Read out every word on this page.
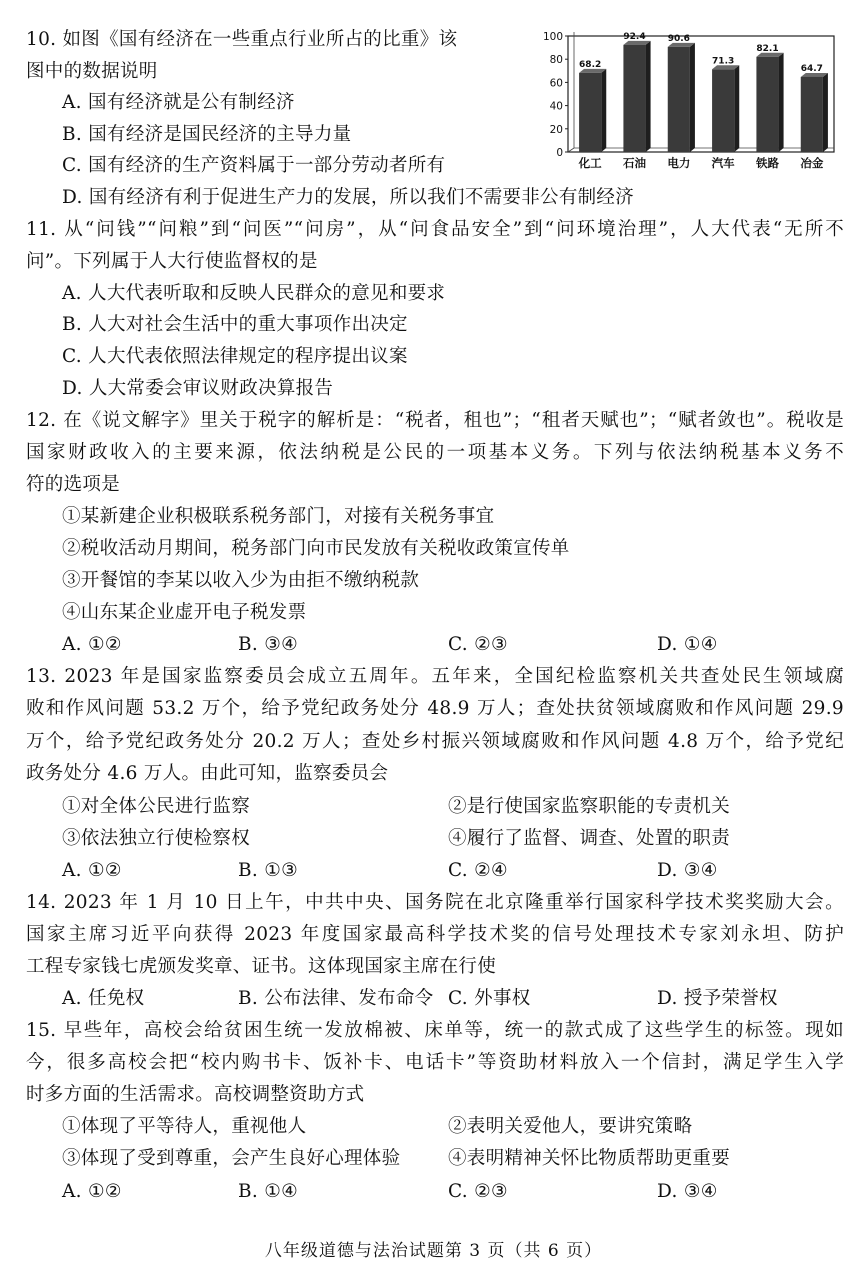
10. 如图《国有经济在一些重点行业所占的比重》该
图中的数据说明
A. 国有经济就是公有制经济
B. 国有经济是国民经济的主导力量
C. 国有经济的生产资料属于一部分劳动者所有
D. 国有经济有利于促进生产力的发展，所以我们不需要非公有制经济
0
20
40
60
80
100
68.2
化工
92.4
石油
90.6
电力
71.3
汽车
82.1
铁路
64.7
冶金
11. 从“问钱”“问粮”到“问医”“问房”，从“问食品安全”到“问环境治理”，人大代表“无所不
问”。下列属于人大行使监督权的是
A. 人大代表听取和反映人民群众的意见和要求
B. 人大对社会生活中的重大事项作出决定
C. 人大代表依照法律规定的程序提出议案
D. 人大常委会审议财政决算报告
12. 在《说文解字》里关于税字的解析是：“税者，租也”；“租者天赋也”；“赋者敛也”。税收是
国家财政收入的主要来源，依法纳税是公民的一项基本义务。下列与依法纳税基本义务不
符的选项是
①某新建企业积极联系税务部门，对接有关税务事宜
②税收活动月期间，税务部门向市民发放有关税收政策宣传单
③开餐馆的李某以收入少为由拒不缴纳税款
④山东某企业虚开电子税发票
A. ①②	B. ③④	C. ②③	D. ①④
13. 2023 年是国家监察委员会成立五周年。五年来，全国纪检监察机关共查处民生领域腐
败和作风问题 53.2 万个，给予党纪政务处分 48.9 万人；查处扶贫领域腐败和作风问题 29.9
万个，给予党纪政务处分 20.2 万人；查处乡村振兴领域腐败和作风问题 4.8 万个，给予党纪
政务处分 4.6 万人。由此可知，监察委员会
①对全体公民进行监察	②是行使国家监察职能的专责机关
③依法独立行使检察权	④履行了监督、调查、处置的职责
A. ①②	B. ①③	C. ②④	D. ③④
14. 2023 年 1 月 10 日上午，中共中央、国务院在北京隆重举行国家科学技术奖奖励大会。
国家主席习近平向获得 2023 年度国家最高科学技术奖的信号处理技术专家刘永坦、防护
工程专家钱七虎颁发奖章、证书。这体现国家主席在行使
A. 任免权	B. 公布法律、发布命令 C. 外事权	D. 授予荣誉权
15. 早些年，高校会给贫困生统一发放棉被、床单等，统一的款式成了这些学生的标签。现如
今，很多高校会把“校内购书卡、饭补卡、电话卡”等资助材料放入一个信封，满足学生入学
时多方面的生活需求。高校调整资助方式
①体现了平等待人，重视他人	②表明关爱他人，要讲究策略
③体现了受到尊重，会产生良好心理体验	④表明精神关怀比物质帮助更重要
A. ①②	B. ①④	C. ②③	D. ③④
八年级道德与法治试题第 3 页（共 6 页）
